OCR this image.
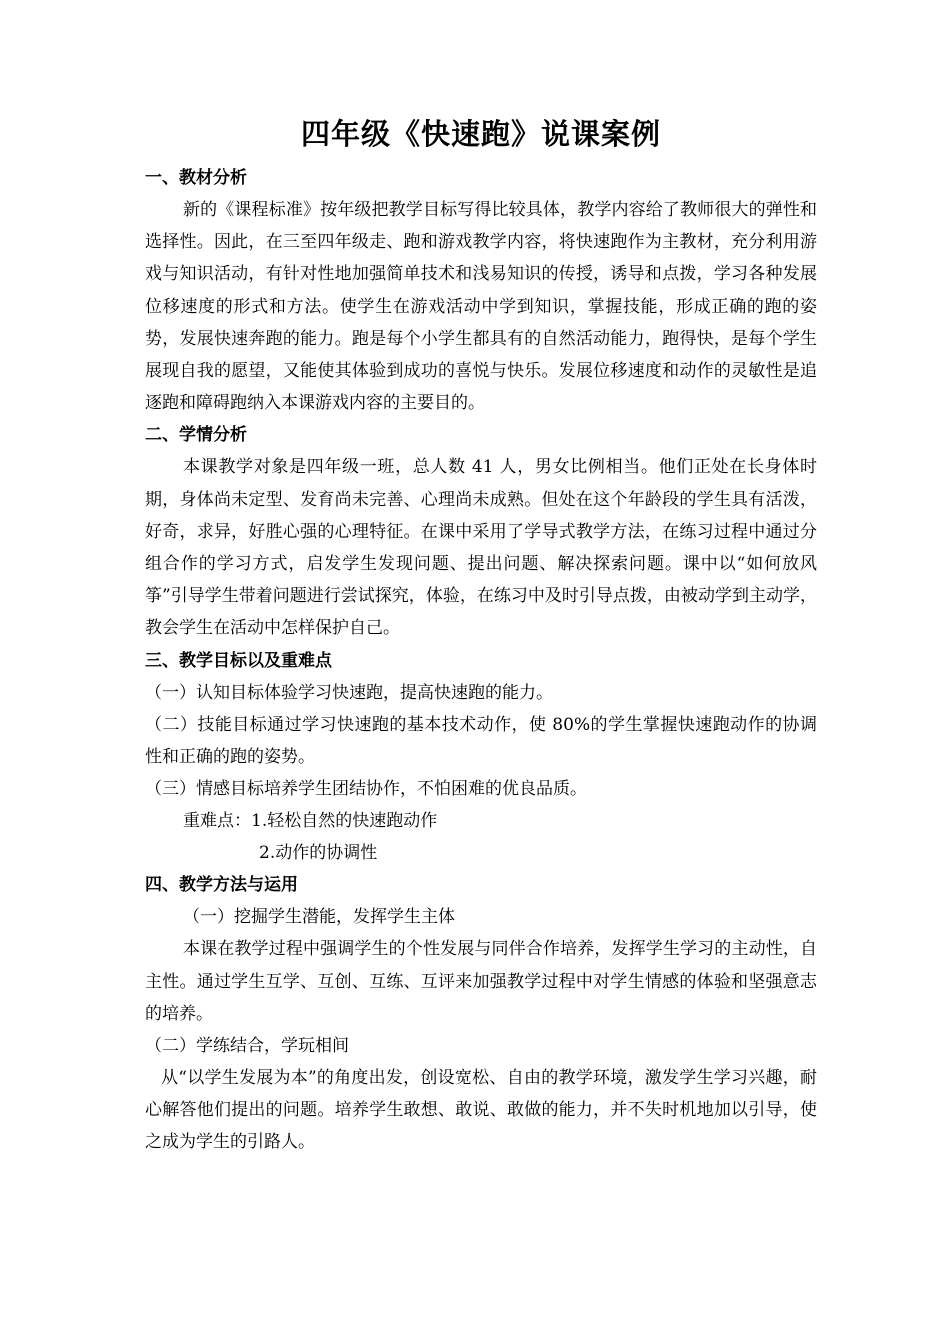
四年级《快速跑》说课案例

一、教材分析

新的《课程标准》按年级把教学目标写得比较具体，教学内容给了教师很大的弹性和选择性。因此，在三至四年级走、跑和游戏教学内容，将快速跑作为主教材，充分利用游戏与知识活动，有针对性地加强简单技术和浅易知识的传授，诱导和点拨，学习各种发展位移速度的形式和方法。使学生在游戏活动中学到知识，掌握技能，形成正确的跑的姿势，发展快速奔跑的能力。跑是每个小学生都具有的自然活动能力，跑得快，是每个学生展现自我的愿望，又能使其体验到成功的喜悦与快乐。发展位移速度和动作的灵敏性是追逐跑和障碍跑纳入本课游戏内容的主要目的。

二、学情分析

本课教学对象是四年级一班，总人数 41 人，男女比例相当。他们正处在长身体时期，身体尚未定型、发育尚未完善、心理尚未成熟。但处在这个年龄段的学生具有活泼，好奇，求异，好胜心强的心理特征。在课中采用了学导式教学方法，在练习过程中通过分组合作的学习方式，启发学生发现问题、提出问题、解决探索问题。课中以“如何放风筝”引导学生带着问题进行尝试探究，体验，在练习中及时引导点拨，由被动学到主动学，教会学生在活动中怎样保护自己。

三、教学目标以及重难点

（一）认知目标体验学习快速跑，提高快速跑的能力。

（二）技能目标通过学习快速跑的基本技术动作，使 80%的学生掌握快速跑动作的协调性和正确的跑的姿势。

（三）情感目标培养学生团结协作，不怕困难的优良品质。

重难点：1.轻松自然的快速跑动作

2.动作的协调性

四、教学方法与运用

（一）挖掘学生潜能，发挥学生主体

本课在教学过程中强调学生的个性发展与同伴合作培养，发挥学生学习的主动性，自主性。通过学生互学、互创、互练、互评来加强教学过程中对学生情感的体验和坚强意志的培养。

（二）学练结合，学玩相间

从“以学生发展为本”的角度出发，创设宽松、自由的教学环境，激发学生学习兴趣，耐心解答他们提出的问题。培养学生敢想、敢说、敢做的能力，并不失时机地加以引导，使之成为学生的引路人。
